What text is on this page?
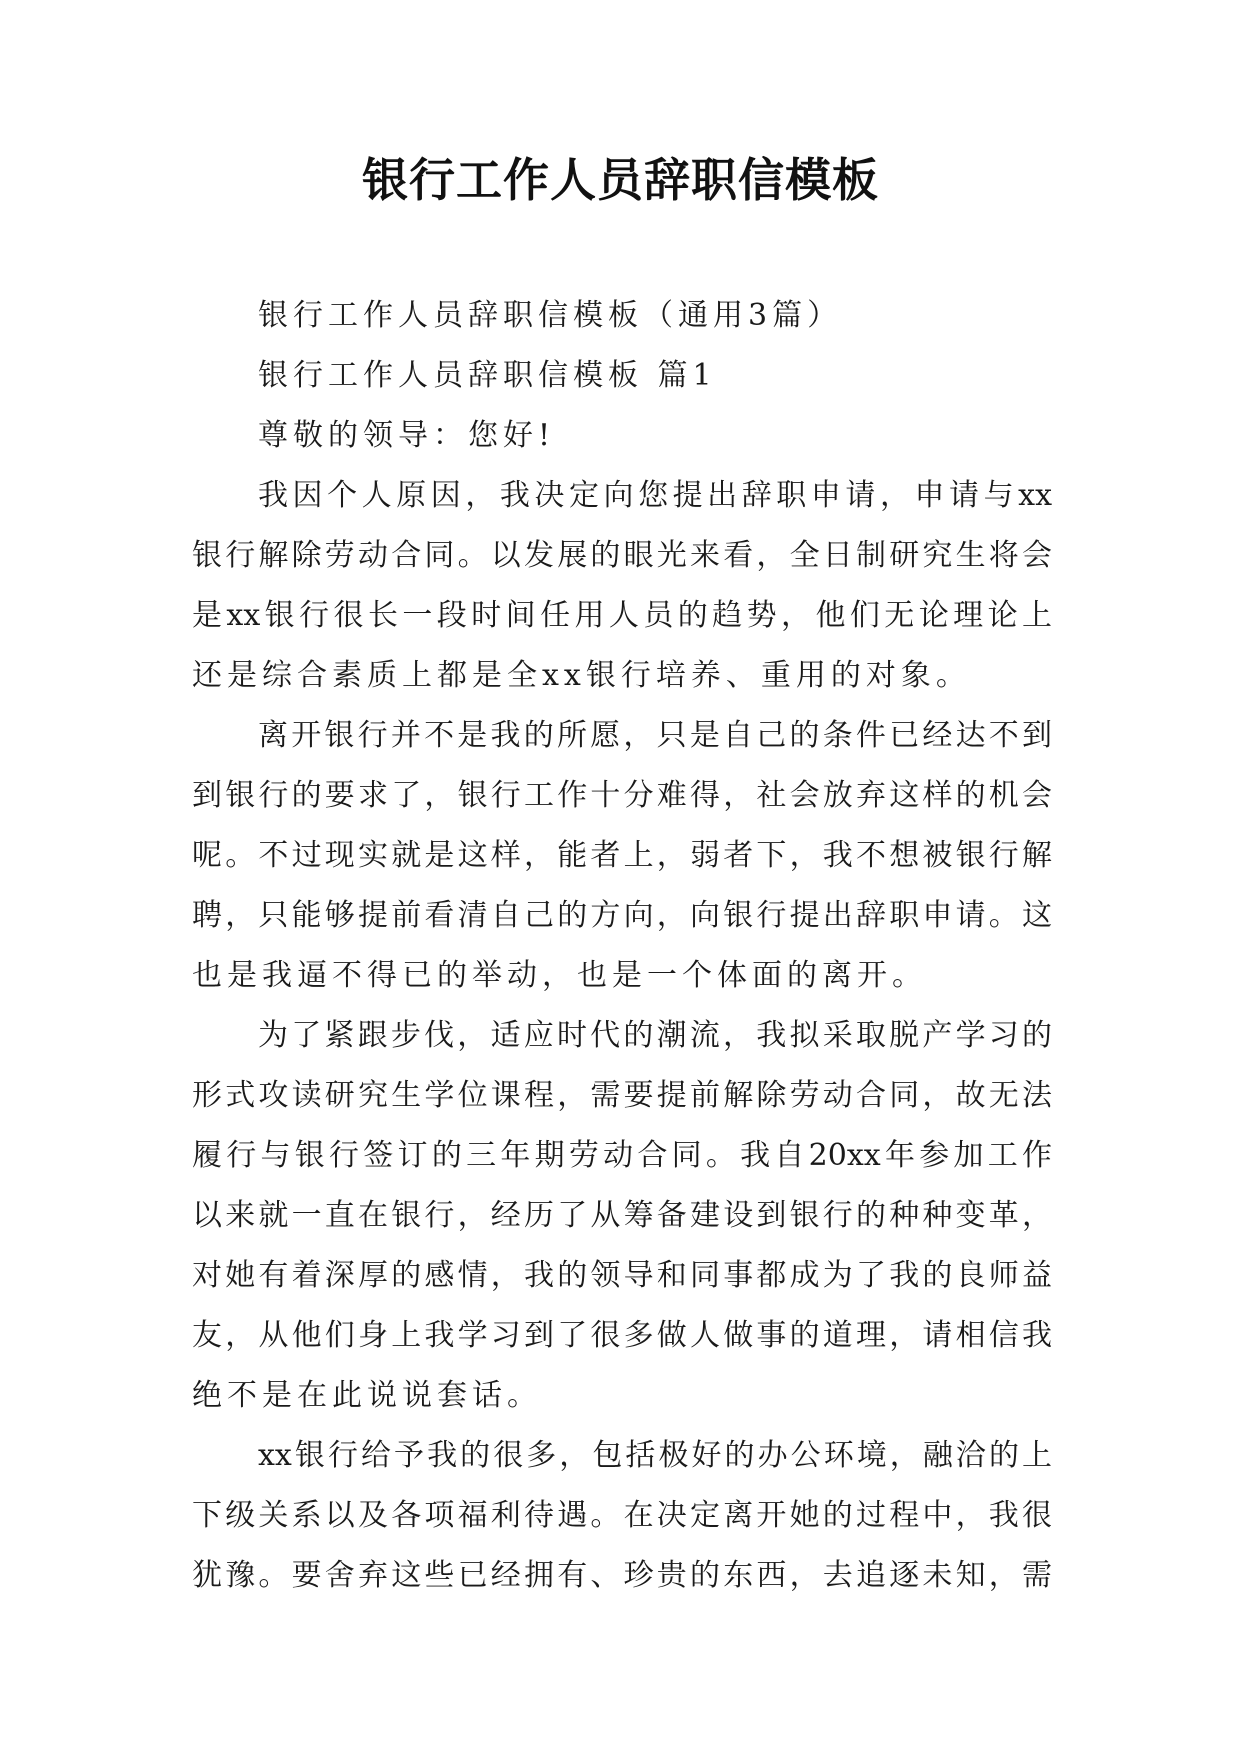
银行工作人员辞职信模板

银行工作人员辞职信模板（通用3篇）

银行工作人员辞职信模板 篇1

尊敬的领导：您好!

我因个人原因，我决定向您提出辞职申请，申请与xx

银行解除劳动合同。以发展的眼光来看，全日制研究生将会

是xx银行很长一段时间任用人员的趋势，他们无论理论上

还是综合素质上都是全xx银行培养、重用的对象。

离开银行并不是我的所愿，只是自己的条件已经达不到

到银行的要求了，银行工作十分难得，社会放弃这样的机会

呢。不过现实就是这样，能者上，弱者下，我不想被银行解

聘，只能够提前看清自己的方向，向银行提出辞职申请。这

也是我逼不得已的举动，也是一个体面的离开。

为了紧跟步伐，适应时代的潮流，我拟采取脱产学习的

形式攻读研究生学位课程，需要提前解除劳动合同，故无法

履行与银行签订的三年期劳动合同。我自20xx年参加工作

以来就一直在银行，经历了从筹备建设到银行的种种变革，

对她有着深厚的感情，我的领导和同事都成为了我的良师益

友，从他们身上我学习到了很多做人做事的道理，请相信我

绝不是在此说说套话。

xx银行给予我的很多，包括极好的办公环境，融洽的上

下级关系以及各项福利待遇。在决定离开她的过程中，我很

犹豫。要舍弃这些已经拥有、珍贵的东西，去追逐未知，需
